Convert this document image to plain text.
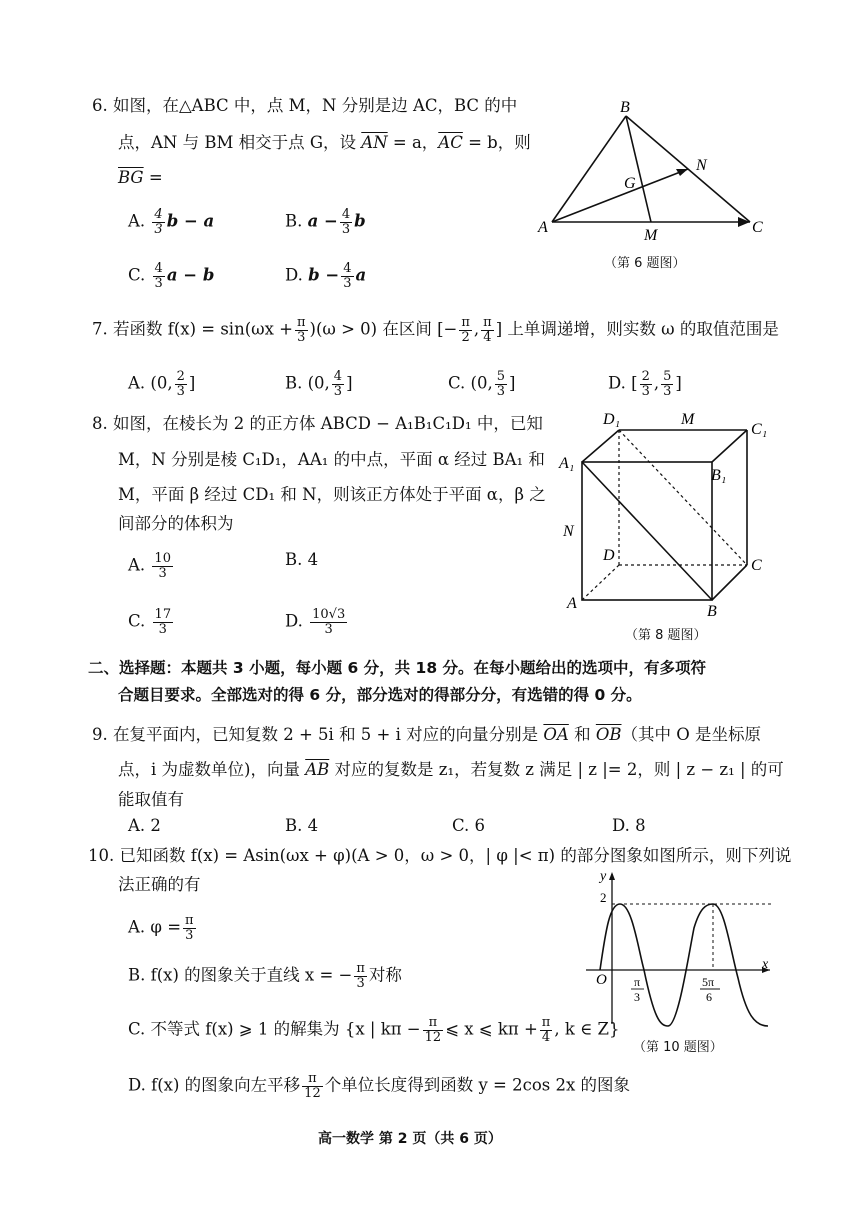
6. 如图，在△ABC 中，点 M，N 分别是边 AC，BC 的中
点，AN 与 BM 相交于点 G，设 $\overline{AN} = a$，$\overline{AC} = b$，则
$\overline{BG}$ =
A. $\frac{4}{3}$ b − a	B. $a - \frac{4}{3}$ b
C. $\frac{4}{3}$ a − b	D. $b - \frac{4}{3}$ a
B
N
G
A	M	C
（第 6 题图）
7. 若函数 $f(x) = \sin(\omega x + \frac{\pi}{3} )(\omega > 0)$ 在区间 [− $\frac{\pi}{2}$ , $\frac{\pi}{4}$ ] 上单调递增，则实数 ω 的取值范围是
A. (0, $\frac{2}{3}$ ]	B. (0, $\frac{4}{3}$ ]	C. (0, $\frac{5}{3}$ ]	D. [ $\frac{2}{3}$ , $\frac{5}{3}$ ]
8. 如图，在棱长为 2 的正方体 ABCD − A₁B₁C₁D₁ 中，已知
M，N 分别是棱 C₁D₁，AA₁ 的中点，平面 α 经过 BA₁ 和
M，平面 β 经过 CD₁ 和 N，则该正方体处于平面 α，β 之
间部分的体积为
A. $\frac{10}{3}$	B. 4
C. $\frac{17}{3}$	D. $\frac{10√3}{3}$
D₁	M
C₁
A₁
B₁
N
D
C
A	B
（第 8 题图）
二、选择题：本题共 3 小题，每小题 6 分，共 18 分。在每小题给出的选项中，有多项符
合题目要求。全部选对的得 6 分，部分选对的得部分分，有选错的得 0 分。
9. 在复平面内，已知复数 2 + 5i 和 5 + i 对应的向量分别是 $\overline{OA}$ 和 $\overline{OB}$（其中 O 是坐标原
点，i 为虚数单位)，向量 $\overline{AB}$ 对应的复数是 z₁，若复数 z 满足 | z |= 2，则 | z − z₁ | 的可
能取值有
A. 2	B. 4	C. 6	D. 8
10. 已知函数 f(x) = Asin(ωx + φ)(A > 0，ω > 0，| φ |< π) 的部分图象如图所示，则下列说
法正确的有
A. $\varphi = \frac{\pi}{3}$
B. f(x) 的图象关于直线 x = − $\frac{\pi}{3}$ 对称
C. 不等式 f(x) ⩾ 1 的解集为 {x | $k\pi - \frac{\pi}{12}$ ⩽ x ⩽ $k\pi + \frac{\pi}{4}$ , k ∈ Z}
D. f(x) 的图象向左平移 $\frac{\pi}{12}$ 个单位长度得到函数 y = 2cos 2x 的图象
y
x
O
2
π
3
5π
6
（第 10 题图）
高一数学 第 2 页（共 6 页）
